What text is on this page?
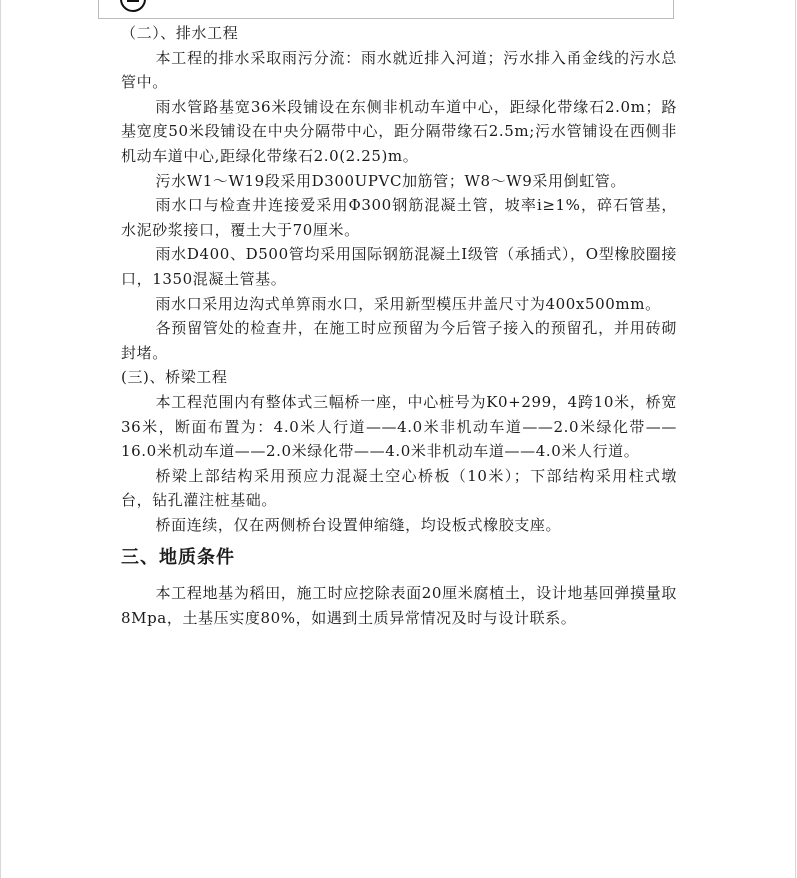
（二）、排水工程

本工程的排水采取雨污分流：雨水就近排入河道；污水排入甬金线的污水总管中。

雨水管路基宽36米段铺设在东侧非机动车道中心，距绿化带缘石2.0m；路基宽度50米段铺设在中央分隔带中心，距分隔带缘石2.5m;污水管铺设在西侧非机动车道中心,距绿化带缘石2.0(2.25)m。

污水W1～W19段采用D300UPVC加筋管；W8～W9采用倒虹管。

雨水口与检查井连接爱采用Φ300钢筋混凝土管，坡率i≥1%，碎石管基，水泥砂浆接口，覆土大于70厘米。

雨水D400、D500管均采用国际钢筋混凝土Ⅰ级管（承插式），O型橡胶圈接口，1350混凝土管基。

雨水口采用边沟式单箅雨水口，采用新型模压井盖尺寸为400x500mm。

各预留管处的检查井，在施工时应预留为今后管子接入的预留孔，并用砖砌封堵。

(三)、桥梁工程

本工程范围内有整体式三幅桥一座，中心桩号为K0+299，4跨10米，桥宽36米，断面布置为：4.0米人行道——4.0米非机动车道——2.0米绿化带——16.0米机动车道——2.0米绿化带——4.0米非机动车道——4.0米人行道。

桥梁上部结构采用预应力混凝土空心桥板（10米）；下部结构采用柱式墩台，钻孔灌注桩基础。

桥面连续，仅在两侧桥台设置伸缩缝，均设板式橡胶支座。

三、地质条件

本工程地基为稻田，施工时应挖除表面20厘米腐植土，设计地基回弹摸量取8Mpa，土基压实度80%，如遇到土质异常情况及时与设计联系。
